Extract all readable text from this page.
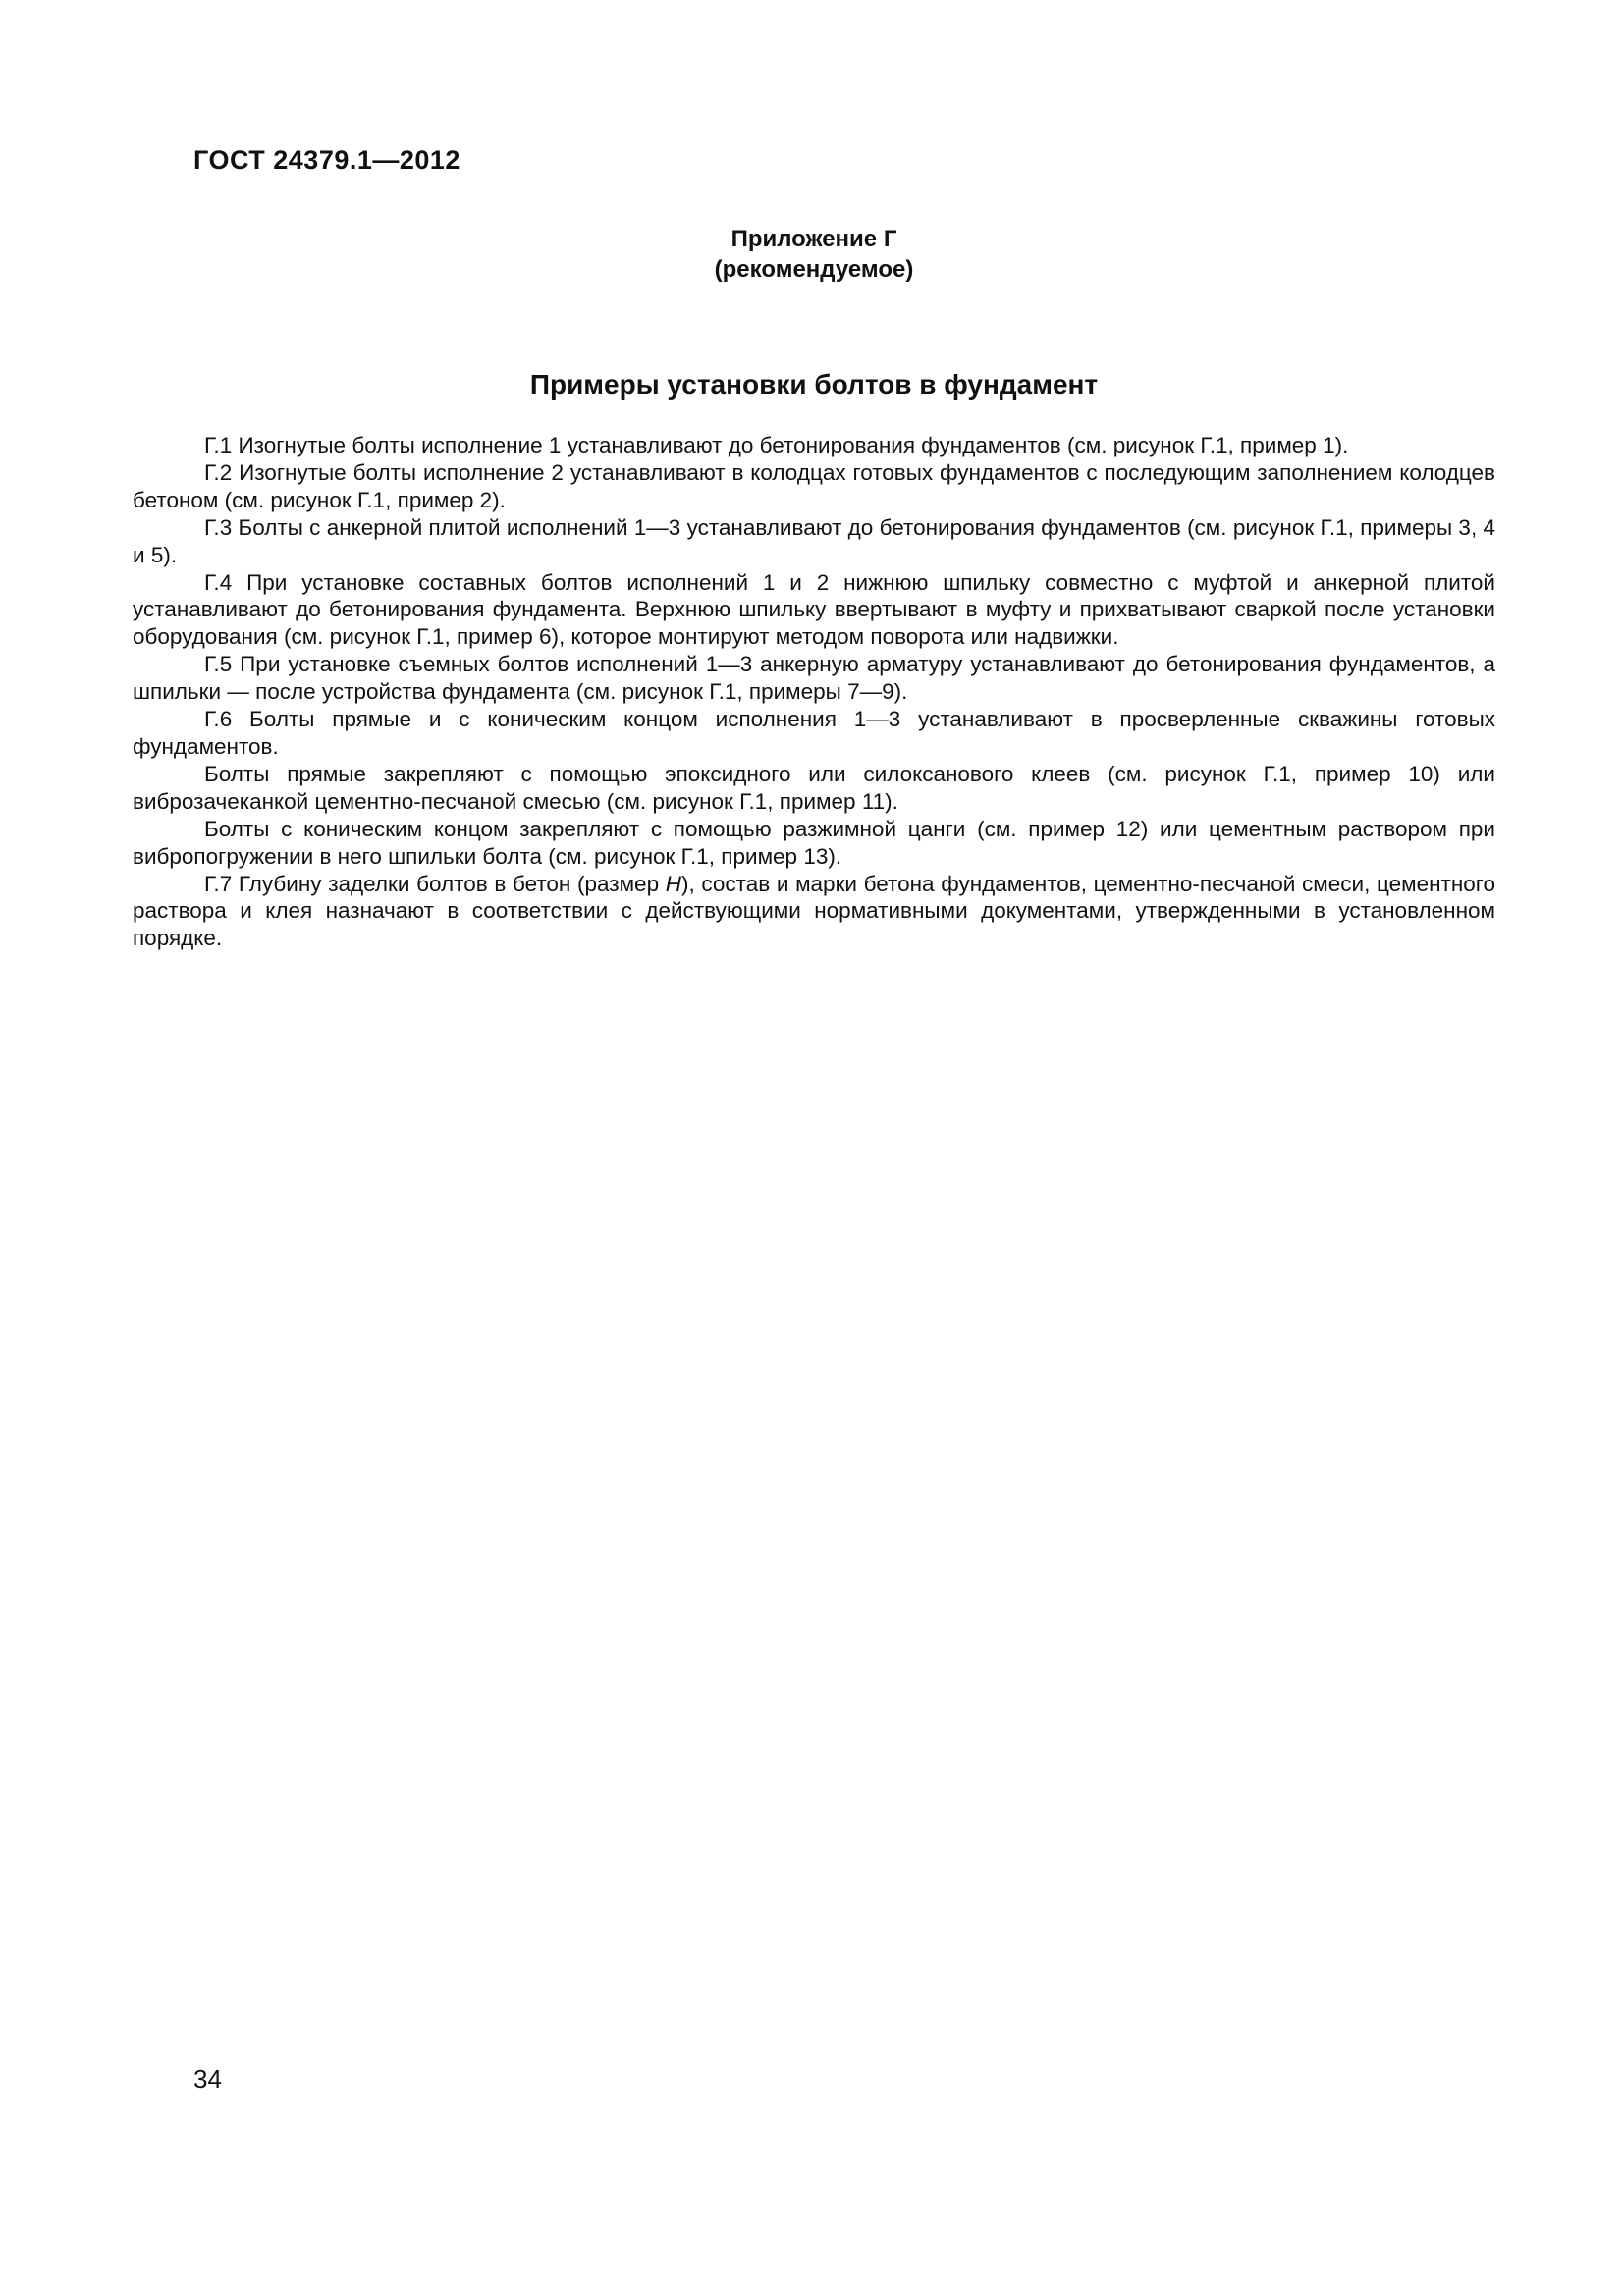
ГОСТ 24379.1—2012
Приложение Г
(рекомендуемое)
Примеры установки болтов в фундамент

Г.1 Изогнутые болты исполнение 1 устанавливают до бетонирования фундаментов (см. рисунок Г.1, пример 1).

Г.2 Изогнутые болты исполнение 2 устанавливают в колодцах готовых фундаментов с последующим заполнением колодцев бетоном (см. рисунок Г.1, пример 2).

Г.3 Болты с анкерной плитой исполнений 1—3 устанавливают до бетонирования фундаментов (см. рисунок Г.1, примеры 3, 4 и 5).

Г.4 При установке составных болтов исполнений 1 и 2 нижнюю шпильку совместно с муфтой и анкерной плитой устанавливают до бетонирования фундамента. Верхнюю шпильку ввертывают в муфту и прихватывают сваркой после установки оборудования (см. рисунок Г.1, пример 6), которое монтируют методом поворота или надвижки.

Г.5 При установке съемных болтов исполнений 1—3 анкерную арматуру устанавливают до бетонирования фундаментов, а шпильки — после устройства фундамента (см. рисунок Г.1, примеры 7—9).

Г.6 Болты прямые и с коническим концом исполнения 1—3 устанавливают в просверленные скважины готовых фундаментов.

Болты прямые закрепляют с помощью эпоксидного или силоксанового клеев (см. рисунок Г.1, пример 10) или виброзачеканкой цементно-песчаной смесью (см. рисунок Г.1, пример 11).

Болты с коническим концом закрепляют с помощью разжимной цанги (см. пример 12) или цементным раствором при вибропогружении в него шпильки болта (см. рисунок Г.1, пример 13).

Г.7 Глубину заделки болтов в бетон (размер H), состав и марки бетона фундаментов, цементно-песчаной смеси, цементного раствора и клея назначают в соответствии с действующими нормативными документами, утвержденными в установленном порядке.

34
